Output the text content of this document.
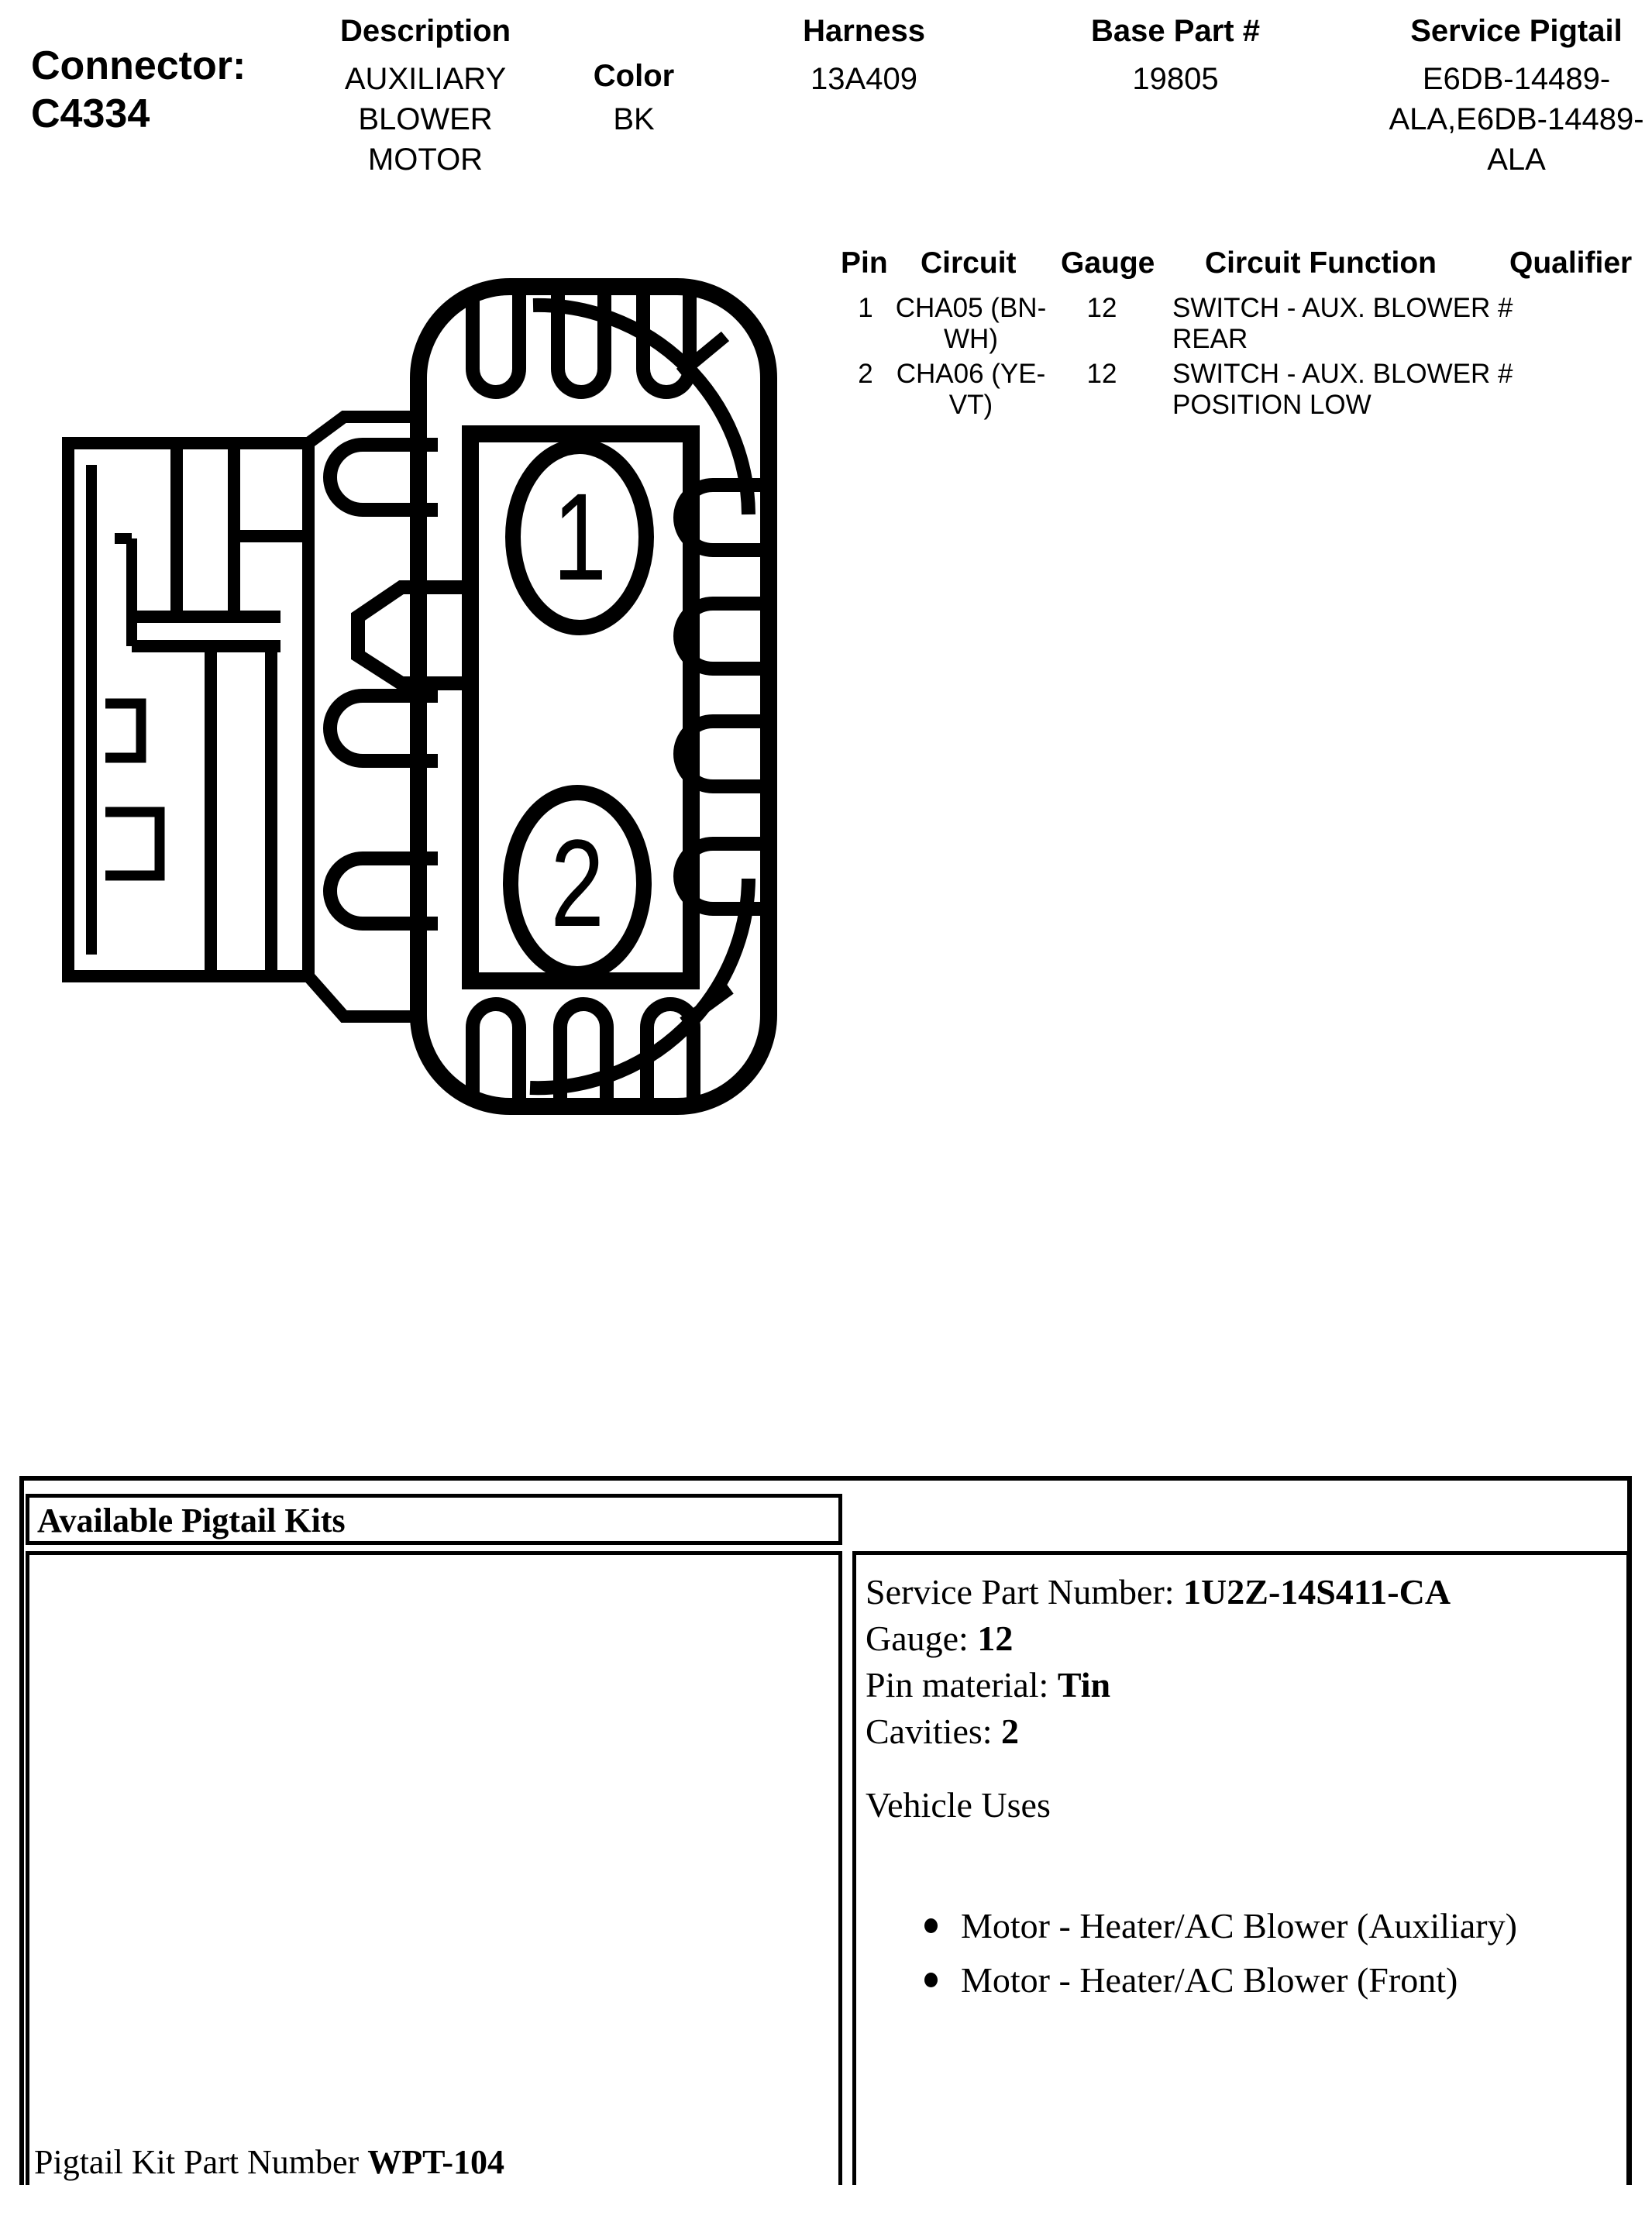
Connector:
C4334
Description
AUXILIARY
BLOWER MOTOR
Color
BK
Harness
13A409
Base Part #
19805
Service Pigtail
E6DB-14489-
ALA,E6DB-14489-
ALA
Pin Circuit Gauge Circuit Function Qualifier
1 CHA05 (BN-
WH)
12	SWITCH - AUX. BLOWER #
REAR
2 CHA06 (YE-
VT)
12	SWITCH - AUX. BLOWER #
POSITION LOW
1
2
Available Pigtail Kits
Pigtail Kit Part Number WPT-104
Service Part Number: 1U2Z-14S411-CA
Gauge: 12
Pin material: Tin
Cavities: 2
Vehicle Uses
Motor - Heater/AC Blower (Auxiliary)
Motor - Heater/AC Blower (Front)
